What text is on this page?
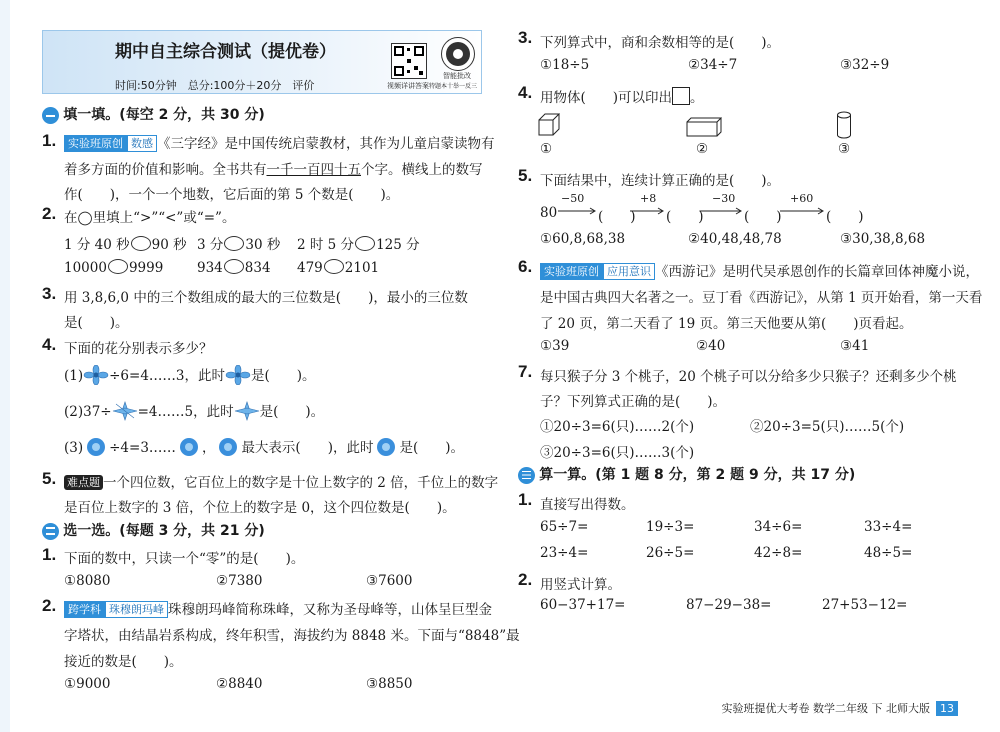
期中自主综合测试（提优卷）
时间:50分钟　总分:100分＋20分　评价	视频详讲答案
智能批改
特题本十举一反三
填一填。(每空 2 分，共 30 分)
1.	实验班原创 数感 《三字经》是中国传统启蒙教材，其作为儿童启蒙读物有
着多方面的价值和影响。全书共有一千一百四十五个字。横线上的数写
作(　　)，一个一个地数，它后面的第 5 个数是(　　)。
2. 在◯里填上“>”“<”或“=”。
1 分 40 秒 90 秒 3 分 30 秒 2 时 5 分 125 分
10000 9999 934 834 479 2101
3. 用 3,8,6,0 中的三个数组成的最大的三位数是(　　)，最小的三位数
是(　　)。
4. 下面的花分别表示多少？
(1) ÷6=4……3，此时 是(　　)。
(2)37÷ =4……5，此时 是(　　)。
(3) ÷4=3…… ， 最大表示(　　)，此时 是(　　)。
5. 难点题 一个四位数，它百位上的数字是十位上数字的 2 倍，千位上的数字
是百位上数字的 3 倍，个位上的数字是 0，这个四位数是(　　)。
选一选。(每题 3 分，共 21 分)
1. 下面的数中，只读一个“零”的是(　　)。
①8080	②7380	③7600
2.	跨学科 珠穆朗玛峰 珠穆朗玛峰简称珠峰，又称为圣母峰等，山体呈巨型金
字塔状，由结晶岩系构成，终年积雪，海拔约为 8848 米。下面与“8848”最
接近的数是(　　)。
①9000	②8840	③8850
3. 下列算式中，商和余数相等的是(　　)。
①18÷5	②34÷7	③32÷9
4. 用物体(　　)可以印出 。
①	②	③
5. 下面结果中，连续计算正确的是(　　)。
80
−50
(　　)
+8
(　　)
−30
(　　)
+60
(　　)
①60,8,68,38	②40,48,48,78	③30,38,8,68
6.	实验班原创 应用意识 《西游记》是明代吴承恩创作的长篇章回体神魔小说，
是中国古典四大名著之一。豆丁看《西游记》，从第 1 页开始看，第一天看
了 20 页，第二天看了 19 页。第三天他要从第(　　)页看起。
①39	②40	③41
7. 每只猴子分 3 个桃子，20 个桃子可以分给多少只猴子？还剩多少个桃
子？下列算式正确的是(　　)。
①20÷3=6(只)……2(个)	②20÷3=5(只)……5(个)
③20÷3=6(只)……3(个)
算一算。(第 1 题 8 分，第 2 题 9 分，共 17 分)
1. 直接写出得数。
65÷7=	19÷3=	34÷6=	33÷4=
23÷4=	26÷5=	42÷8=	48÷5=
2. 用竖式计算。
60−37+17=	87−29−38=	27+53−12=
实验班提优大考卷 数学二年级 下 北师大版 13
